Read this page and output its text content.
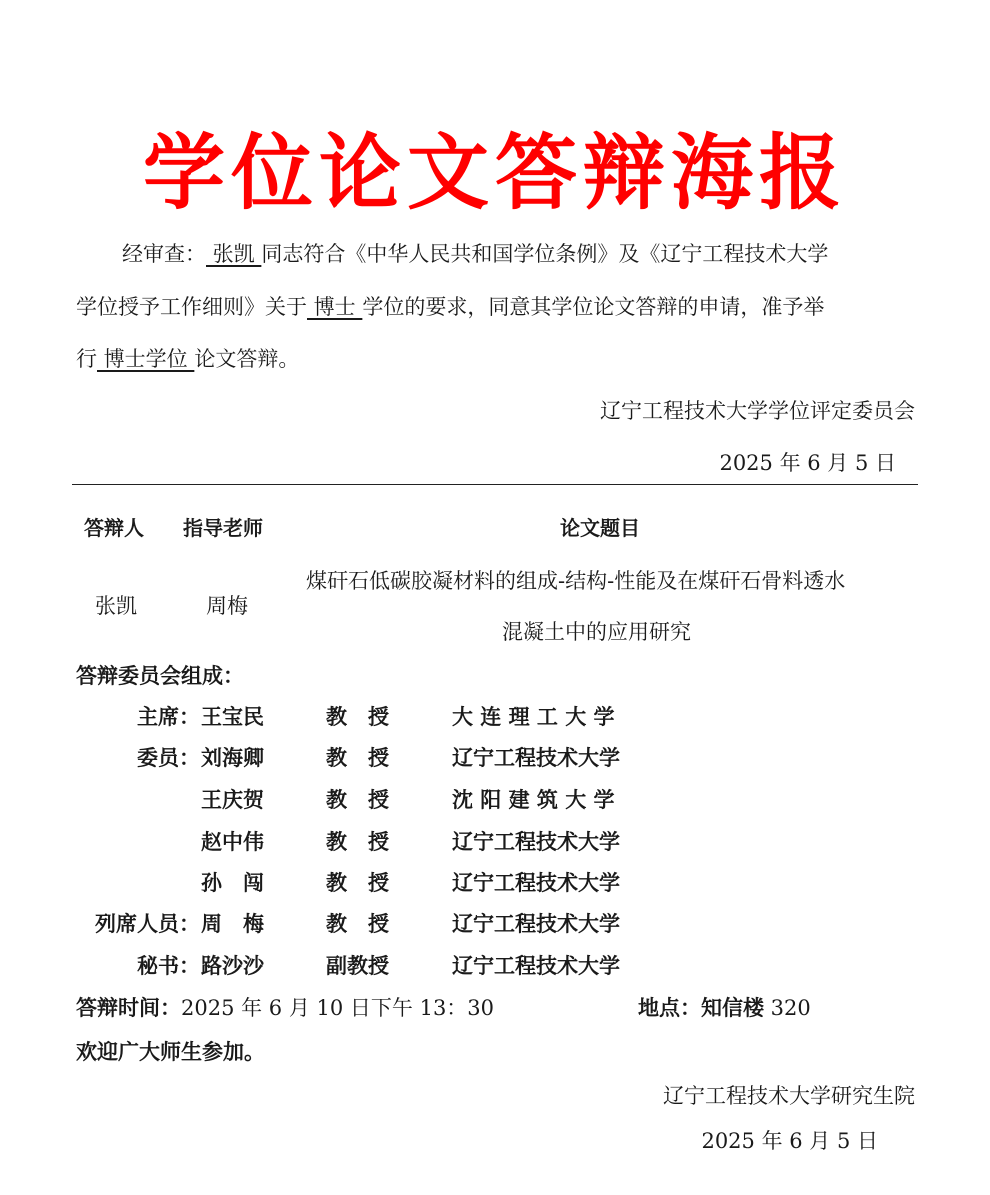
学位论文答辩海报
经审查： 张凯 同志符合《中华人民共和国学位条例》及《辽宁工程技术大学
学位授予工作细则》关于 博士 学位的要求，同意其学位论文答辩的申请，准予举
行 博士学位 论文答辩。
辽宁工程技术大学学位评定委员会
2025 年 6 月 5 日
答辩人 指导老师	论文题目
张凯	周梅
煤矸石低碳胶凝材料的组成-结构-性能及在煤矸石骨料透水
混凝土中的应用研究
答辩委员会组成：
主席： 王宝民	教　授	大 连 理 工 大 学
委员： 刘海卿	教　授	辽宁工程技术大学
王庆贺	教　授	沈 阳 建 筑 大 学
赵中伟	教　授	辽宁工程技术大学
孙　闯	教　授	辽宁工程技术大学
列席人员： 周　梅	教　授	辽宁工程技术大学
秘书： 路沙沙	副教授	辽宁工程技术大学
答辩时间：2025 年 6 月 10 日下午 13：30	地点：知信楼 320
欢迎广大师生参加。
辽宁工程技术大学研究生院
2025 年 6 月 5 日
